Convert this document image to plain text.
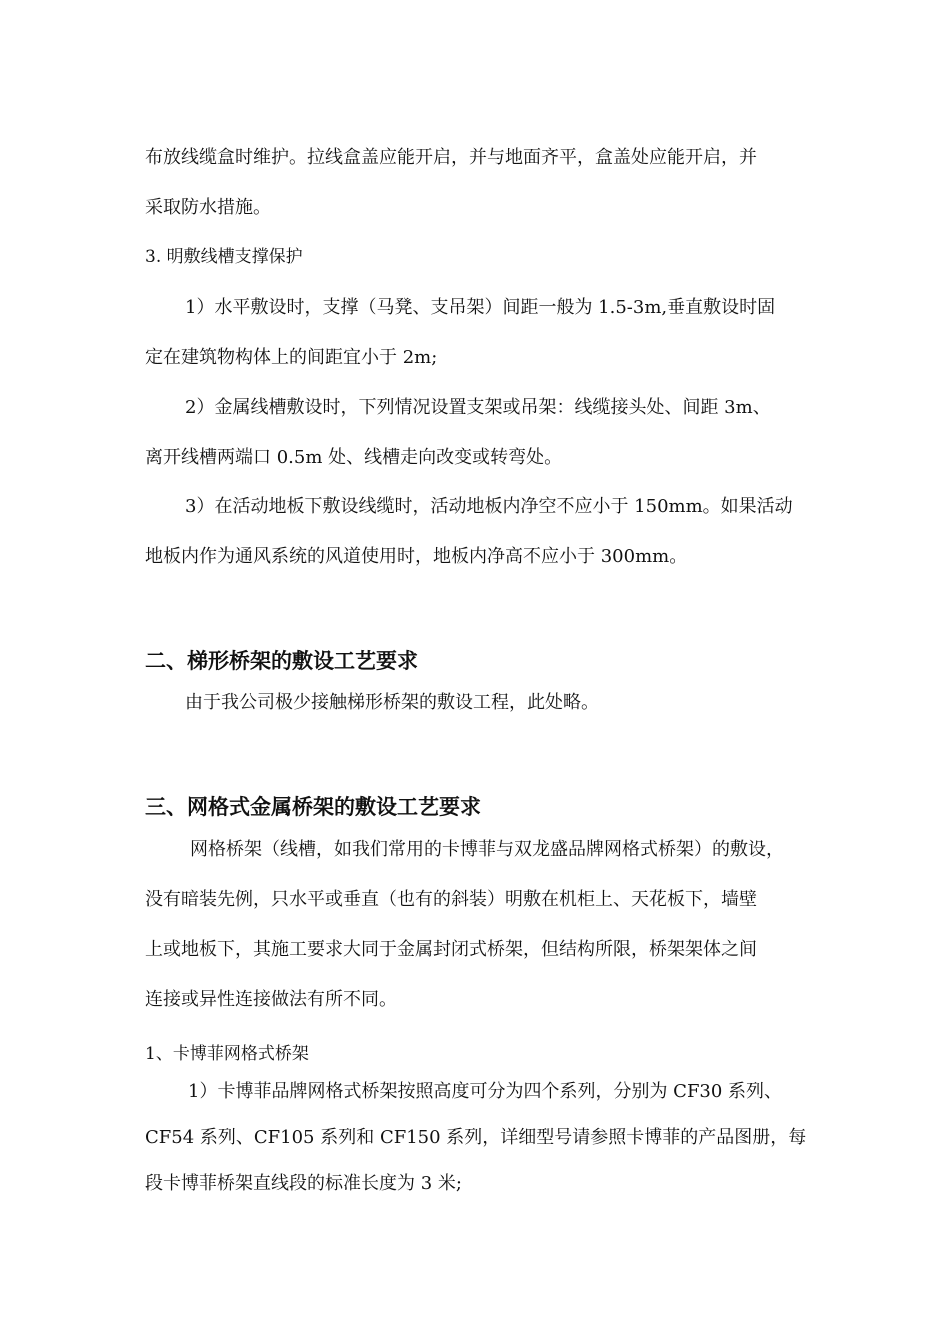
布放线缆盒时维护。拉线盒盖应能开启，并与地面齐平，盒盖处应能开启，并

采取防水措施。

3. 明敷线槽支撑保护

1）水平敷设时，支撑（马凳、支吊架）间距一般为 1.5-3m,垂直敷设时固

定在建筑物构体上的间距宜小于 2m;

2）金属线槽敷设时，下列情况设置支架或吊架：线缆接头处、间距 3m、

离开线槽两端口 0.5m 处、线槽走向改变或转弯处。

3）在活动地板下敷设线缆时，活动地板内净空不应小于 150mm。如果活动

地板内作为通风系统的风道使用时，地板内净高不应小于 300mm。

二、梯形桥架的敷设工艺要求

由于我公司极少接触梯形桥架的敷设工程，此处略。

三、网格式金属桥架的敷设工艺要求

网格桥架（线槽，如我们常用的卡博菲与双龙盛品牌网格式桥架）的敷设，

没有暗装先例，只水平或垂直（也有的斜装）明敷在机柜上、天花板下，墙壁

上或地板下，其施工要求大同于金属封闭式桥架，但结构所限，桥架架体之间

连接或异性连接做法有所不同。

1、卡博菲网格式桥架

1）卡博菲品牌网格式桥架按照高度可分为四个系列，分别为 CF30 系列、

CF54 系列、CF105 系列和 CF150 系列，详细型号请参照卡博菲的产品图册，每

段卡博菲桥架直线段的标准长度为 3 米;
